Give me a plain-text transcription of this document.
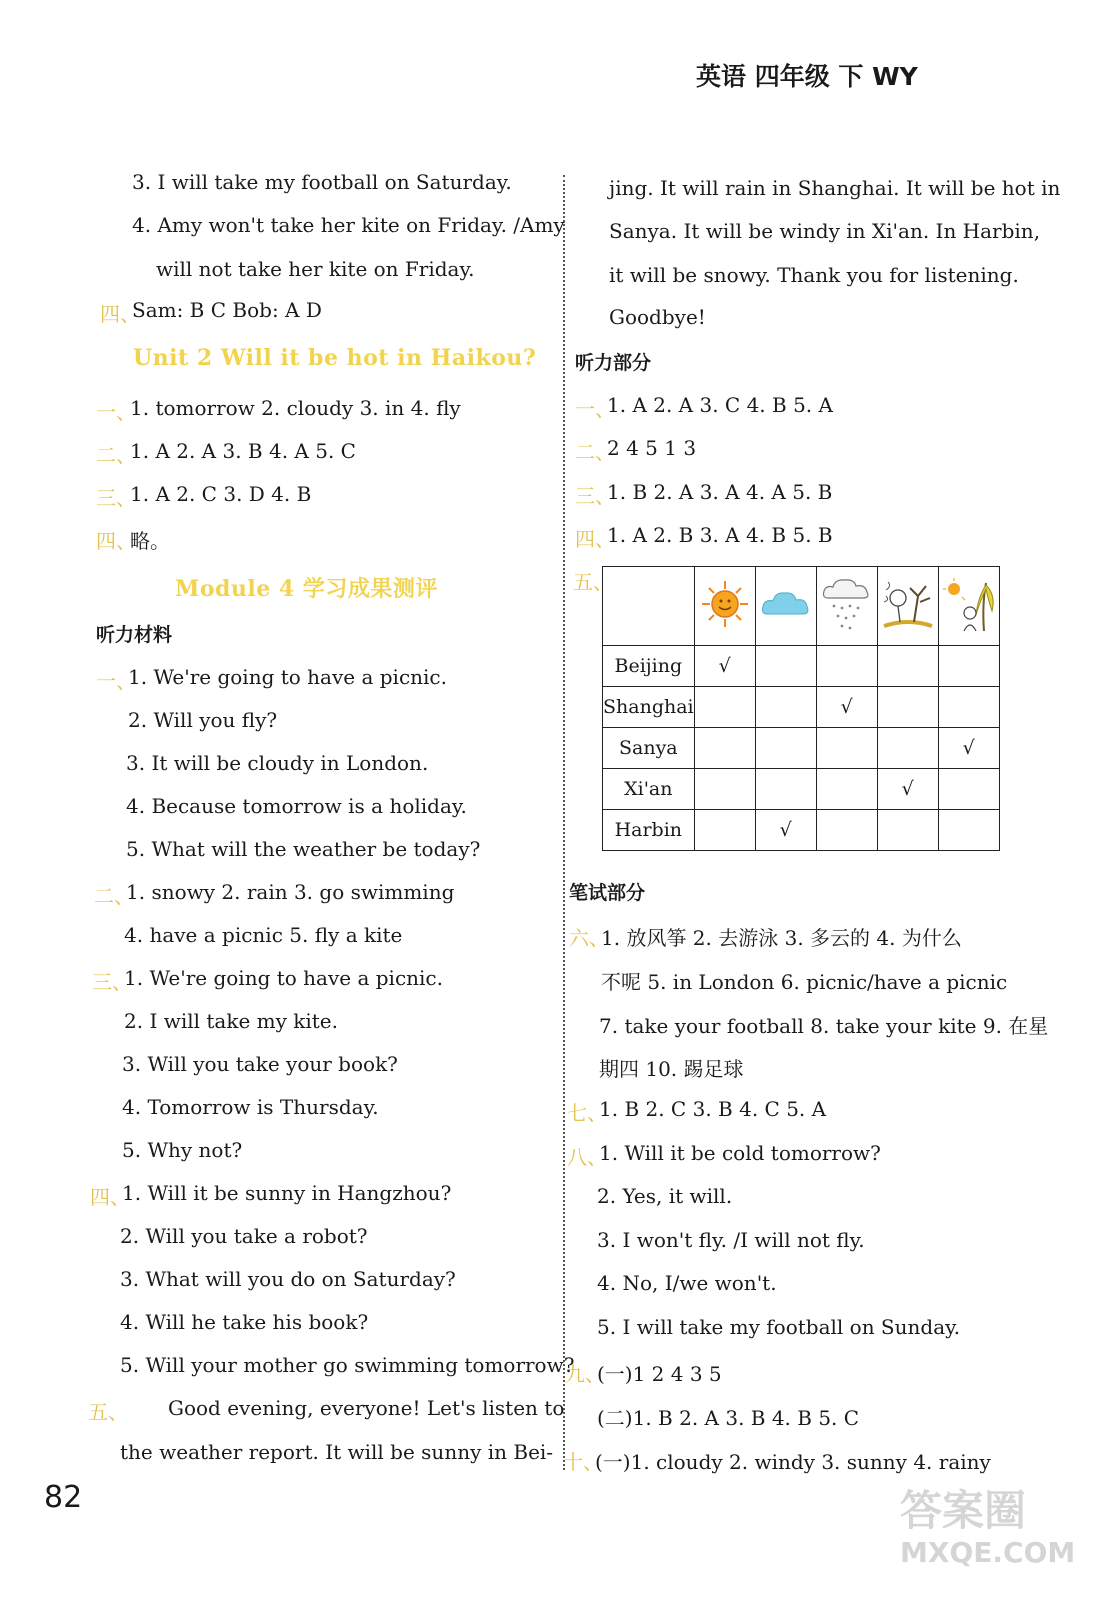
英语 四年级 下 WY
3. I will take my football on Saturday.
4. Amy won't take her kite on Friday. /Amy
will not take her kite on Friday.
四、
Sam: B C Bob: A D
Unit 2 Will it be hot in Haikou?
一、
1. tomorrow 2. cloudy 3. in 4. fly
二、
1. A 2. A 3. B 4. A 5. C
三、
1. A 2. C 3. D 4. B
四、
略。
Module 4 学习成果测评
听力材料
一、
1. We're going to have a picnic.
2. Will you fly?
3. It will be cloudy in London.
4. Because tomorrow is a holiday.
5. What will the weather be today?
二、
1. snowy 2. rain 3. go swimming
4. have a picnic 5. fly a kite
三、
1. We're going to have a picnic.
2. I will take my kite.
3. Will you take your book?
4. Tomorrow is Thursday.
5. Why not?
四、
1. Will it be sunny in Hangzhou?
2. Will you take a robot?
3. What will you do on Saturday?
4. Will he take his book?
5. Will your mother go swimming tomorrow?
五、 Good evening, everyone! Let's listen to
the weather report. It will be sunny in Bei-
jing. It will rain in Shanghai. It will be hot in
Sanya. It will be windy in Xi'an. In Harbin,
it will be snowy. Thank you for listening.
Goodbye!
听力部分
一、
1. A 2. A 3. C 4. B 5. A
二、
2 4 5 1 3
三、
1. B 2. A 3. A 4. A 5. B
四、
1. A 2. B 3. A 4. B 5. B
五、

Beijing	√				
Shanghai			√		
Sanya					√
Xi'an				√	
Harbin		√			
笔试部分
六、
1. 放风筝 2. 去游泳 3. 多云的 4. 为什么
不呢 5. in London 6. picnic/have a picnic
7. take your football 8. take your kite 9. 在星
期四 10. 踢足球
七、
1. B 2. C 3. B 4. C 5. A
八、
1. Will it be cold tomorrow?
2. Yes, it will.
3. I won't fly. /I will not fly.
4. No, I/we won't.
5. I will take my football on Sunday.
九、
(一)1 2 4 3 5
(二)1. B 2. A 3. B 4. B 5. C
十、
(一)1. cloudy 2. windy 3. sunny 4. rainy
82	答案圈
MXQE.COM
